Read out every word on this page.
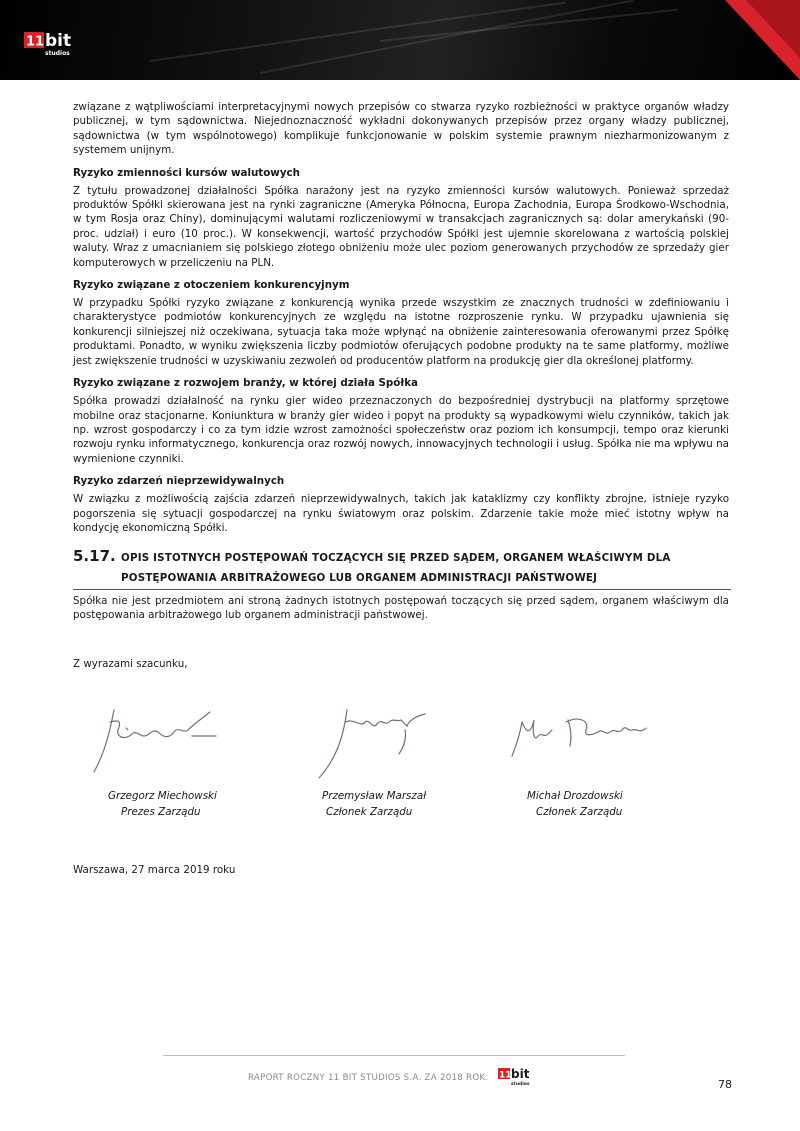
11 bit
studios

związane z wątpliwościami interpretacyjnymi nowych przepisów co stwarza ryzyko rozbieżności w praktyce organów władzy publicznej, w tym sądownictwa. Niejednoznaczność wykładni dokonywanych przepisów przez organy władzy publicznej, sądownictwa (w tym wspólnotowego) komplikuje funkcjonowanie w polskim systemie prawnym niezharmonizowanym z systemem unijnym.

Ryzyko zmienności kursów walutowych

Z tytułu prowadzonej działalności Spółka narażony jest na ryzyko zmienności kursów walutowych. Ponieważ sprzedaż produktów Spółki skierowana jest na rynki zagraniczne (Ameryka Północna, Europa Zachodnia, Europa Środkowo-Wschodnia, w tym Rosja oraz Chiny), dominującymi walutami rozliczeniowymi w transakcjach zagranicznych są: dolar amerykański (90-proc. udział) i euro (10 proc.). W konsekwencji, wartość przychodów Spółki jest ujemnie skorelowana z wartością polskiej waluty. Wraz z umacnianiem się polskiego złotego obniżeniu może ulec poziom generowanych przychodów ze sprzedaży gier komputerowych w przeliczeniu na PLN.

Ryzyko związane z otoczeniem konkurencyjnym

W przypadku Spółki ryzyko związane z konkurencją wynika przede wszystkim ze znacznych trudności w zdefiniowaniu i charakterystyce podmiotów konkurencyjnych ze względu na istotne rozproszenie rynku. W przypadku ujawnienia się konkurencji silniejszej niż oczekiwana, sytuacja taka może wpłynąć na obniżenie zainteresowania oferowanymi przez Spółkę produktami. Ponadto, w wyniku zwiększenia liczby podmiotów oferujących podobne produkty na te same platformy, możliwe jest zwiększenie trudności w uzyskiwaniu zezwoleń od producentów platform na produkcję gier dla określonej platformy.

Ryzyko związane z rozwojem branży, w której działa Spółka

Spółka prowadzi działalność na rynku gier wideo przeznaczonych do bezpośredniej dystrybucji na platformy sprzętowe mobilne oraz stacjonarne. Koniunktura w branży gier wideo i popyt na produkty są wypadkowymi wielu czynników, takich jak np. wzrost gospodarczy i co za tym idzie wzrost zamożności społeczeństw oraz poziom ich konsumpcji, tempo oraz kierunki rozwoju rynku informatycznego, konkurencja oraz rozwój nowych, innowacyjnych technologii i usług. Spółka nie ma wpływu na wymienione czynniki.

Ryzyko zdarzeń nieprzewidywalnych

W związku z możliwością zajścia zdarzeń nieprzewidywalnych, takich jak kataklizmy czy konflikty zbrojne, istnieje ryzyko pogorszenia się sytuacji gospodarczej na rynku światowym oraz polskim. Zdarzenie takie może mieć istotny wpływ na kondycję ekonomiczną Spółki.

5.17. OPIS ISTOTNYCH POSTĘPOWAŃ TOCZĄCYCH SIĘ PRZED SĄDEM, ORGANEM WŁAŚCIWYM DLA
POSTĘPOWANIA ARBITRAŻOWEGO LUB ORGANEM ADMINISTRACJI PAŃSTWOWEJ

Spółka nie jest przedmiotem ani stroną żadnych istotnych postępowań toczących się przed sądem, organem właściwym dla postępowania arbitrażowego lub organem administracji państwowej.

Z wyrazami szacunku,
Grzegorz Miechowski
Prezes Zarządu
Przemysław Marszał
Członek Zarządu
Michał Drozdowski
Członek Zarządu
Warszawa, 27 marca 2019 roku
RAPORT ROCZNY 11 BIT STUDIOS S.A. ZA 2018 ROK. 11 bit
studios	78
